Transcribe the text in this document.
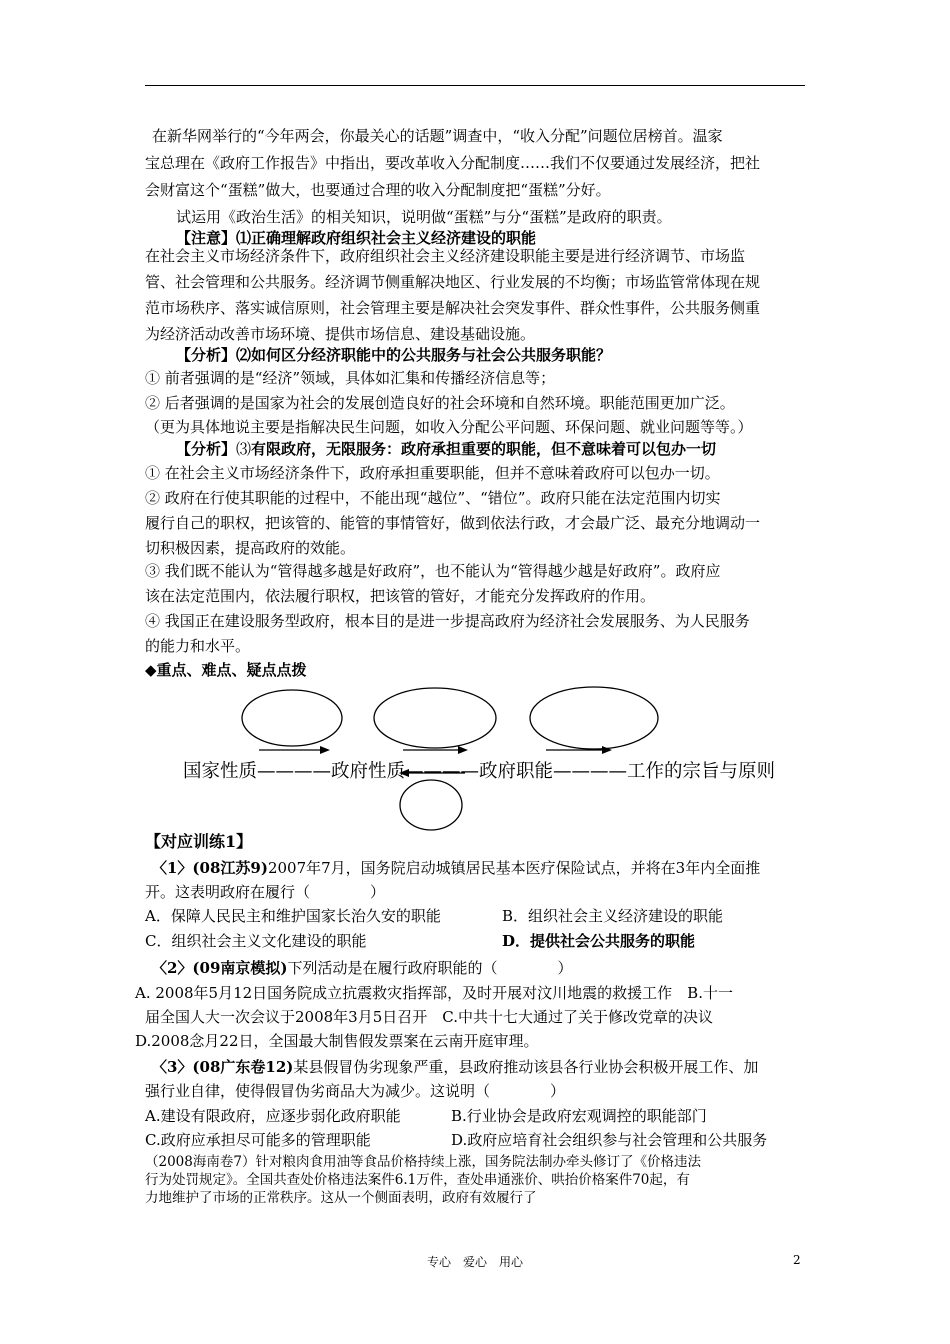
在新华网举行的“今年两会，你最关心的话题”调查中，“收入分配”问题位居榜首。温家
宝总理在《政府工作报告》中指出，要改革收入分配制度……我们不仅要通过发展经济，把社
会财富这个“蛋糕”做大，也要通过合理的收入分配制度把“蛋糕”分好。
试运用《政治生活》的相关知识，说明做“蛋糕”与分“蛋糕”是政府的职责。
【注意】⑴正确理解政府组织社会主义经济建设的职能
在社会主义市场经济条件下，政府组织社会主义经济建设职能主要是进行经济调节、市场监
管、社会管理和公共服务。经济调节侧重解决地区、行业发展的不均衡；市场监管常体现在规
范市场秩序、落实诚信原则，社会管理主要是解决社会突发事件、群众性事件，公共服务侧重
为经济活动改善市场环境、提供市场信息、建设基础设施。
【分析】⑵如何区分经济职能中的公共服务与社会公共服务职能？
① 前者强调的是“经济”领域，具体如汇集和传播经济信息等；
② 后者强调的是国家为社会的发展创造良好的社会环境和自然环境。职能范围更加广泛。
（更为具体地说主要是指解决民生问题，如收入分配公平问题、环保问题、就业问题等等。）
【分析】⑶有限政府，无限服务：政府承担重要的职能，但不意味着可以包办一切
① 在社会主义市场经济条件下，政府承担重要职能，但并不意味着政府可以包办一切。
② 政府在行使其职能的过程中，不能出现“越位”、“错位”。政府只能在法定范围内切实
履行自己的职权，把该管的、能管的事情管好，做到依法行政，才会最广泛、最充分地调动一
切积极因素，提高政府的效能。
③ 我们既不能认为“管得越多越是好政府”，也不能认为“管得越少越是好政府”。政府应
该在法定范围内，依法履行职权，把该管的管好，才能充分发挥政府的作用。
④ 我国正在建设服务型政府，根本目的是进一步提高政府为经济社会发展服务、为人民服务
的能力和水平。
◆重点、难点、疑点点拨
国家性质————政府性质————政府职能————工作的宗旨与原则
【对应训练1】
〈1〉(08江苏9)2007年7月，国务院启动城镇居民基本医疗保险试点，并将在3年内全面推
开。这表明政府在履行（　　　　）
A．保障人民民主和维护国家长治久安的职能	B．组织社会主义经济建设的职能
C．组织社会主义文化建设的职能	D．提供社会公共服务的职能
〈2〉(09南京模拟)下列活动是在履行政府职能的（　　　　）
A. 2008年5月12日国务院成立抗震救灾指挥部，及时开展对汶川地震的救援工作　B.十一
届全国人大一次会议于2008年3月5日召开　C.中共十七大通过了关于修改党章的决议
D.2008念月22日，全国最大制售假发票案在云南开庭审理。
〈3〉(08广东卷12)某县假冒伪劣现象严重，县政府推动该县各行业协会积极开展工作、加
强行业自律，使得假冒伪劣商品大为减少。这说明（　　　　）
A.建设有限政府，应逐步弱化政府职能	B.行业协会是政府宏观调控的职能部门
C.政府应承担尽可能多的管理职能	D.政府应培育社会组织参与社会管理和公共服务
（2008海南卷7）针对粮肉食用油等食品价格持续上涨，国务院法制办牵头修订了《价格违法
行为处罚规定》。全国共查处价格违法案件6.1万件，查处串通涨价、哄抬价格案件70起，有
力地维护了市场的正常秩序。这从一个侧面表明，政府有效履行了
专心　爱心　用心	2
